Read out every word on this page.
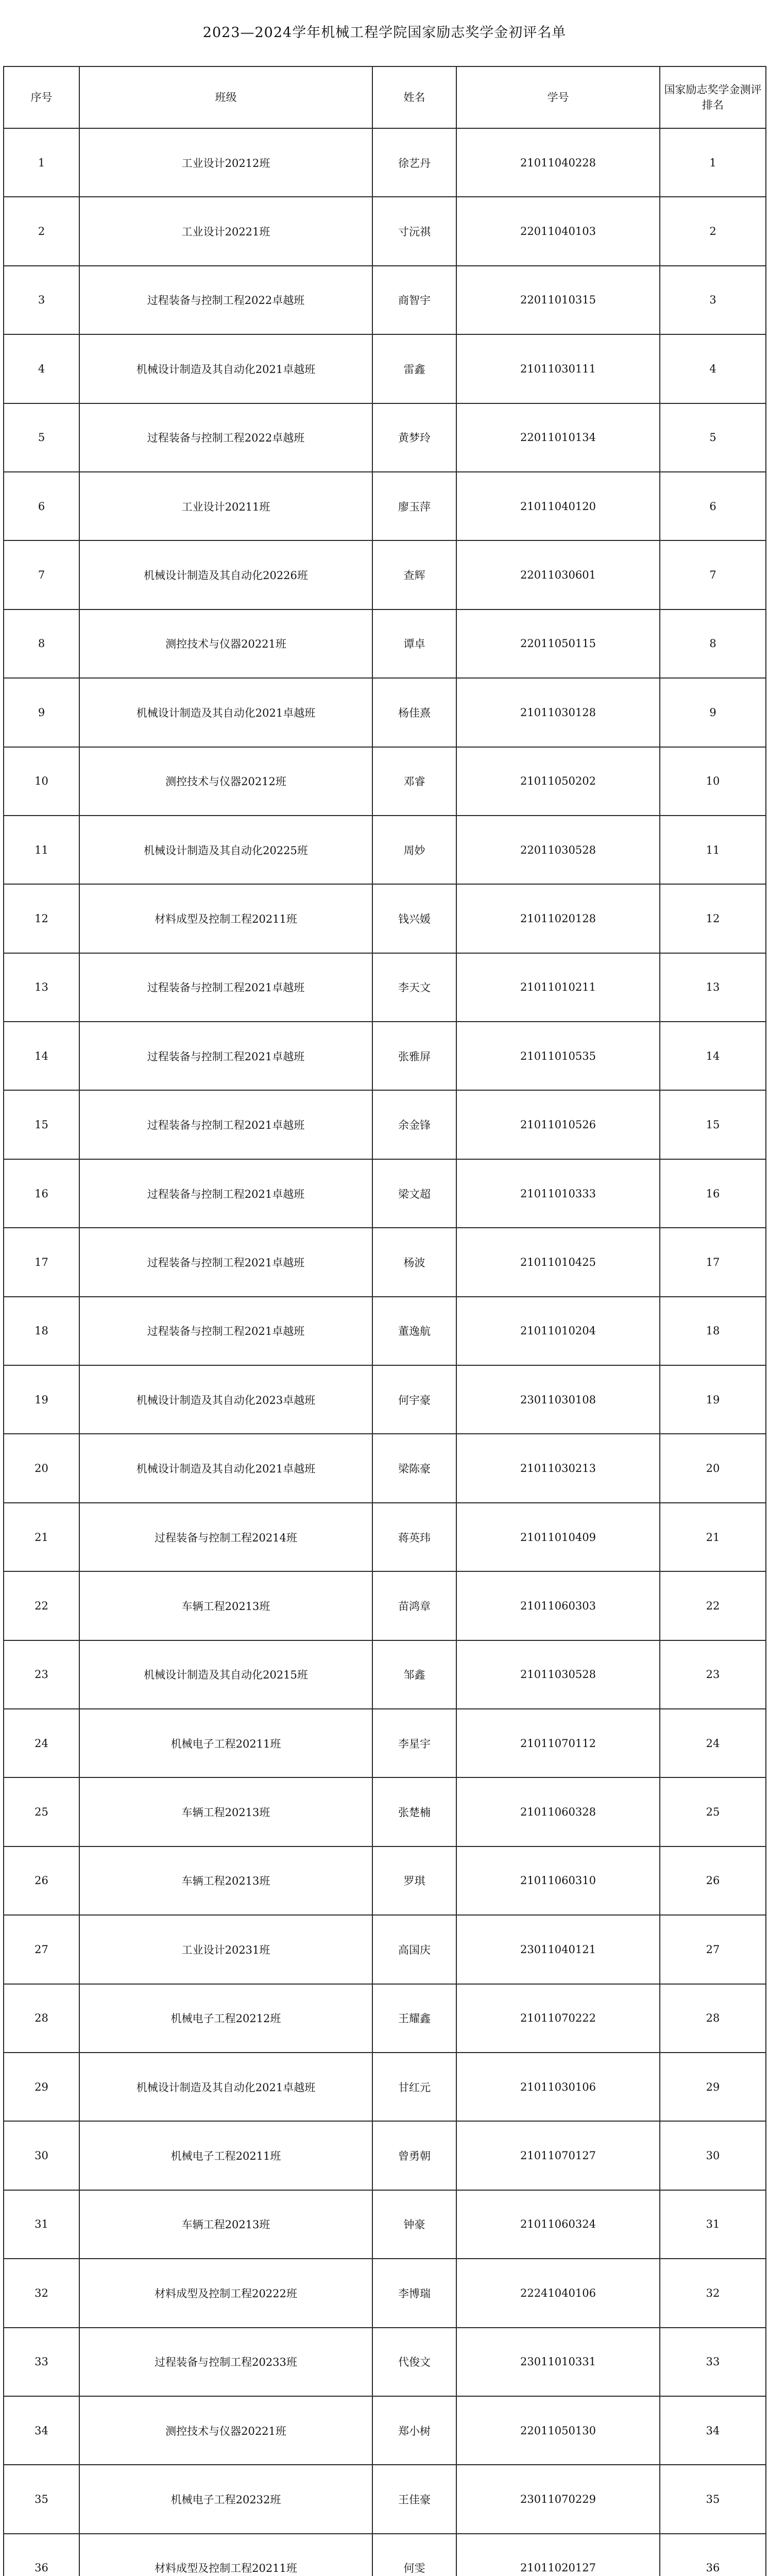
2023—2024学年机械工程学院国家励志奖学金初评名单
序号	班级	姓名	学号	国家励志奖学金测评排名
1	工业设计20212班	徐艺丹	21011040228	1
2	工业设计20221班	寸沅祺	22011040103	2
3	过程装备与控制工程2022卓越班	商智宇	22011010315	3
4	机械设计制造及其自动化2021卓越班	雷鑫	21011030111	4
5	过程装备与控制工程2022卓越班	黄梦玲	22011010134	5
6	工业设计20211班	廖玉萍	21011040120	6
7	机械设计制造及其自动化20226班	查辉	22011030601	7
8	测控技术与仪器20221班	谭卓	22011050115	8
9	机械设计制造及其自动化2021卓越班	杨佳熹	21011030128	9
10	测控技术与仪器20212班	邓睿	21011050202	10
11	机械设计制造及其自动化20225班	周妙	22011030528	11
12	材料成型及控制工程20211班	钱兴媛	21011020128	12
13	过程装备与控制工程2021卓越班	李天文	21011010211	13
14	过程装备与控制工程2021卓越班	张雅屏	21011010535	14
15	过程装备与控制工程2021卓越班	余金锋	21011010526	15
16	过程装备与控制工程2021卓越班	梁文超	21011010333	16
17	过程装备与控制工程2021卓越班	杨波	21011010425	17
18	过程装备与控制工程2021卓越班	董逸航	21011010204	18
19	机械设计制造及其自动化2023卓越班	何宇豪	23011030108	19
20	机械设计制造及其自动化2021卓越班	梁陈豪	21011030213	20
21	过程装备与控制工程20214班	蒋英玮	21011010409	21
22	车辆工程20213班	苗鸿章	21011060303	22
23	机械设计制造及其自动化20215班	邹鑫	21011030528	23
24	机械电子工程20211班	李星宇	21011070112	24
25	车辆工程20213班	张楚楠	21011060328	25
26	车辆工程20213班	罗琪	21011060310	26
27	工业设计20231班	高国庆	23011040121	27
28	机械电子工程20212班	王耀鑫	21011070222	28
29	机械设计制造及其自动化2021卓越班	甘红元	21011030106	29
30	机械电子工程20211班	曾勇朝	21011070127	30
31	车辆工程20213班	钟豪	21011060324	31
32	材料成型及控制工程20222班	李博瑞	22241040106	32
33	过程装备与控制工程20233班	代俊文	23011010331	33
34	测控技术与仪器20221班	郑小树	22011050130	34
35	机械电子工程20232班	王佳豪	23011070229	35
36	材料成型及控制工程20211班	何雯	21011020127	36
